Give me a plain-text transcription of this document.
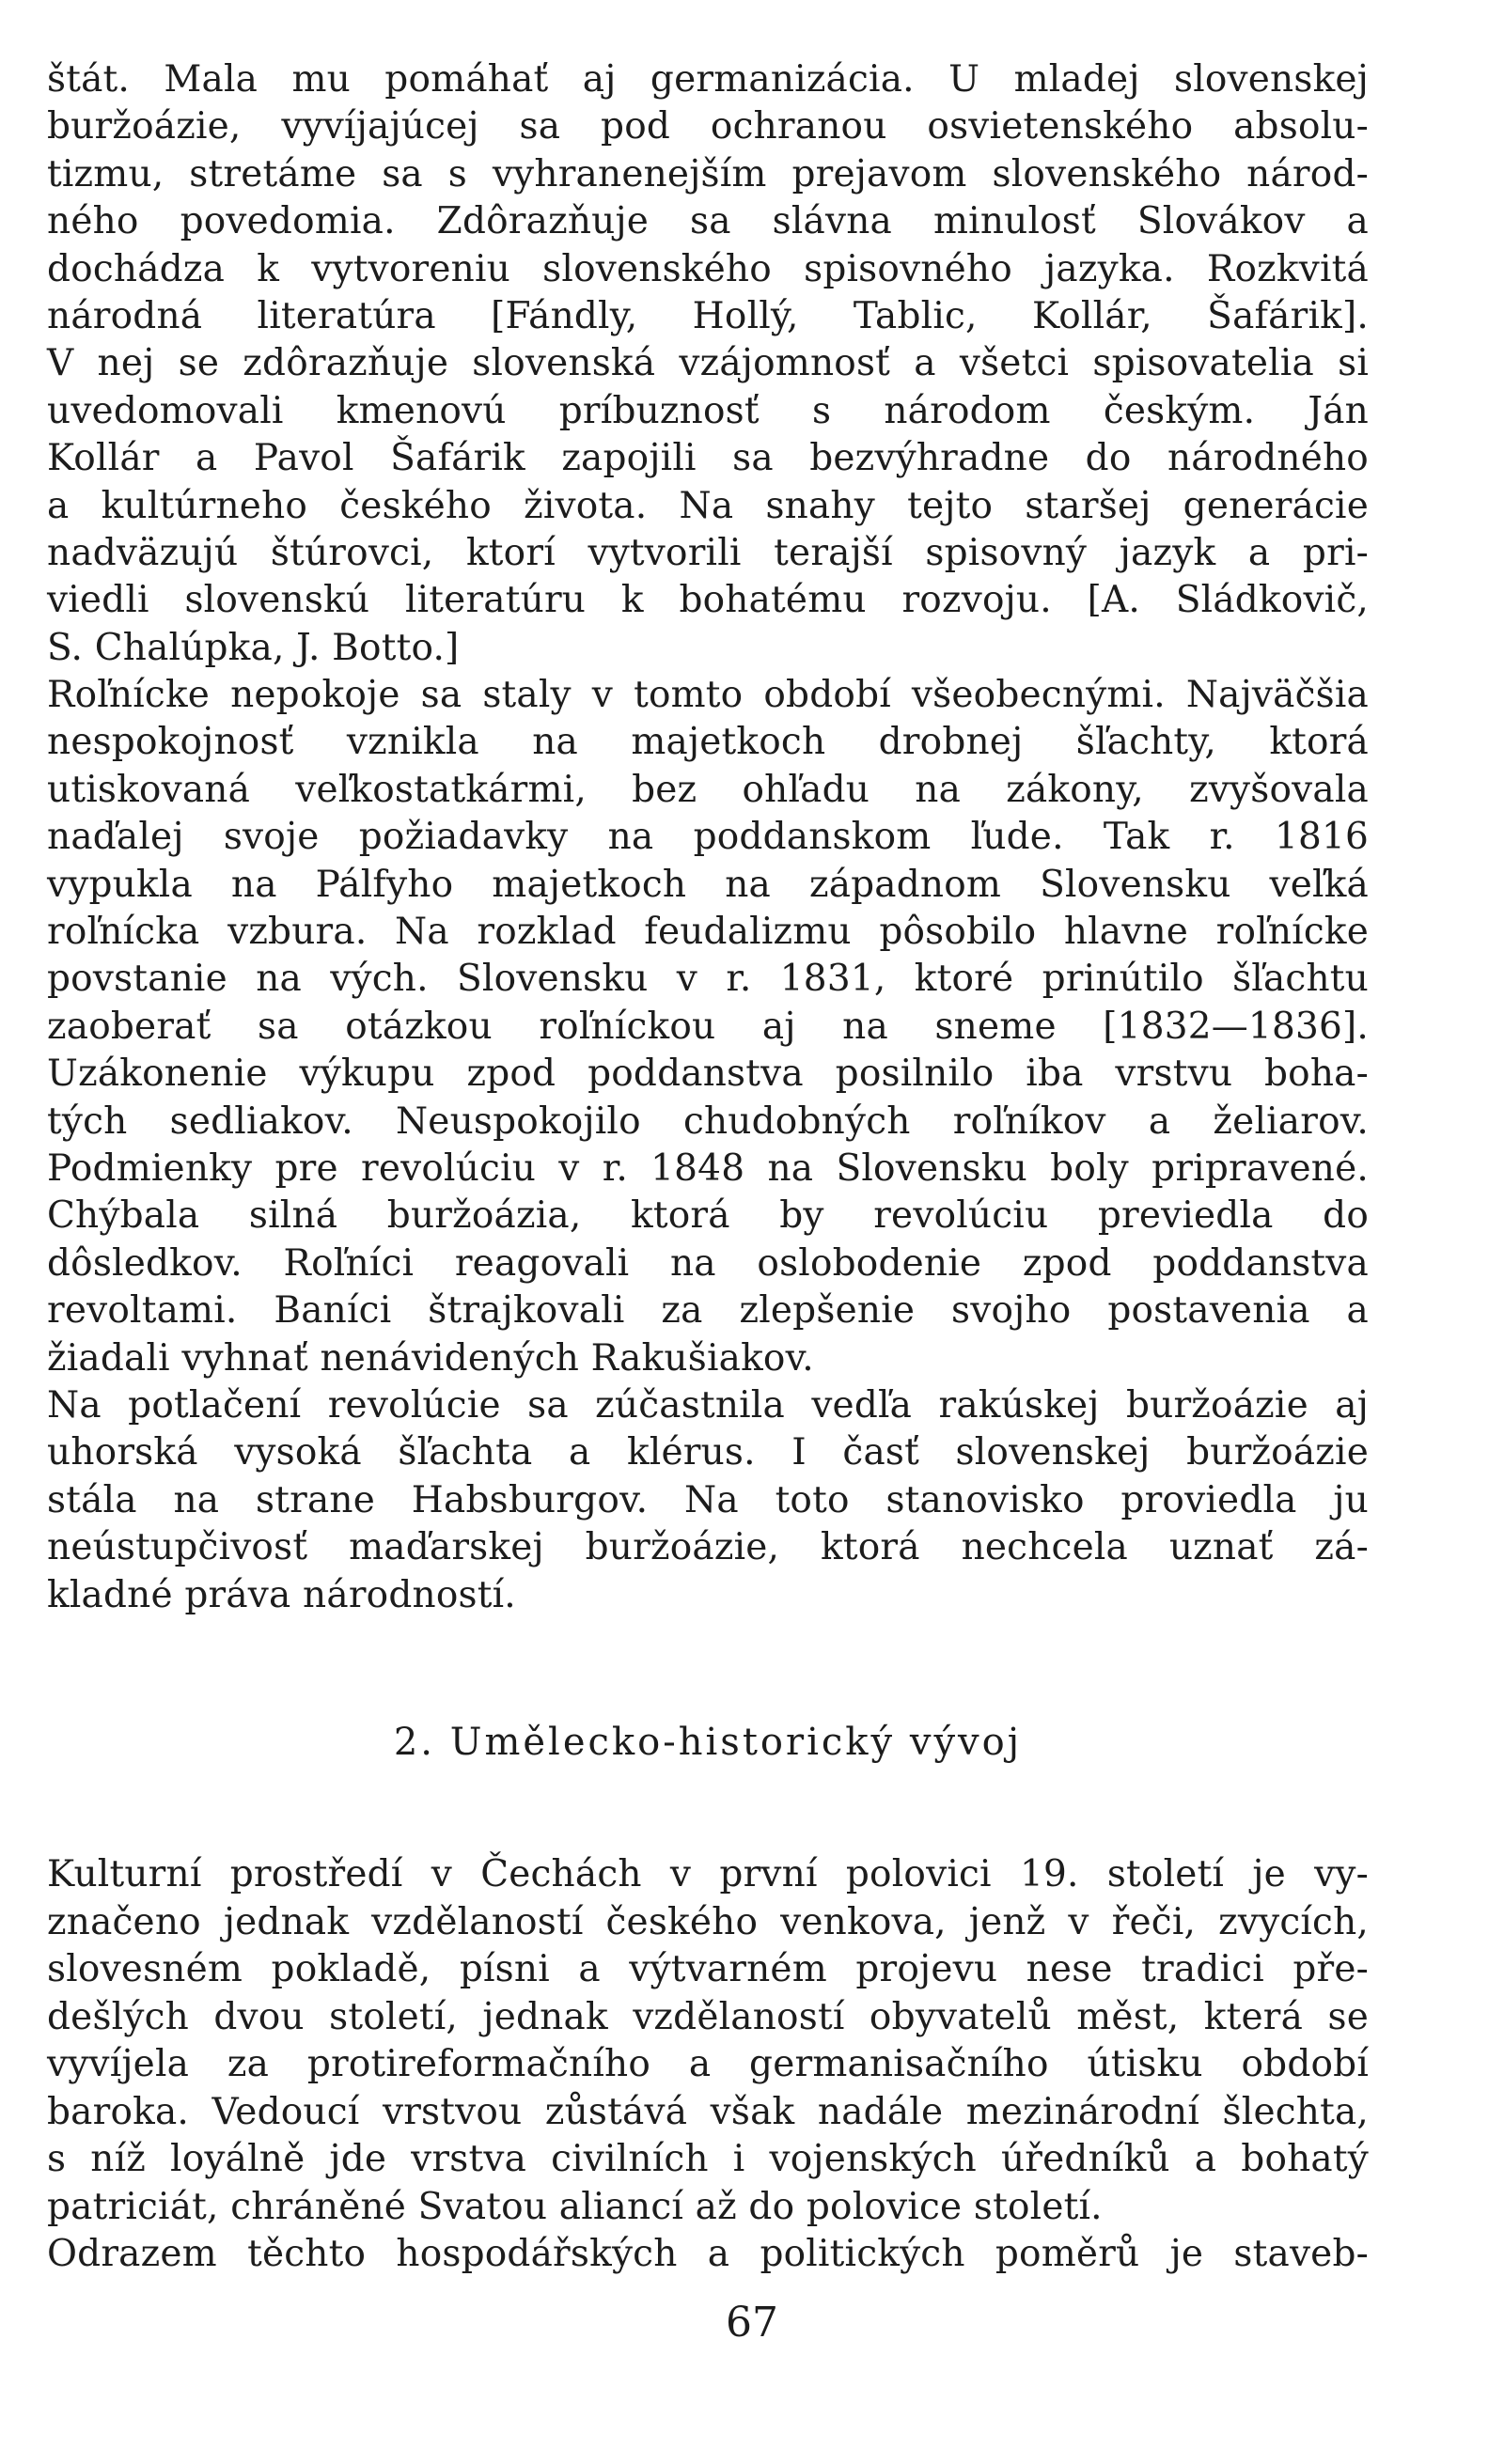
štát. Mala mu pomáhať aj germanizácia. U mladej slovenskej
buržoázie, vyvíjajúcej sa pod ochranou osvietenského absolu-
tizmu, stretáme sa s vyhranenejším prejavom slovenského národ-
ného povedomia. Zdôrazňuje sa slávna minulosť Slovákov a
dochádza k vytvoreniu slovenského spisovného jazyka. Rozkvitá
národná literatúra [Fándly, Hollý, Tablic, Kollár, Šafárik].
V nej se zdôrazňuje slovenská vzájomnosť a všetci spisovatelia si
uvedomovali kmenovú príbuznosť s národom českým. Ján
Kollár a Pavol Šafárik zapojili sa bezvýhradne do národného
a kultúrneho českého života. Na snahy tejto staršej generácie
nadväzujú štúrovci, ktorí vytvorili terajší spisovný jazyk a pri-
viedli slovenskú literatúru k bohatému rozvoju. [A. Sládkovič,
S. Chalúpka, J. Botto.]
Roľnícke nepokoje sa staly v tomto období všeobecnými. Najväčšia
nespokojnosť vznikla na majetkoch drobnej šľachty, ktorá
utiskovaná veľkostatkármi, bez ohľadu na zákony, zvyšovala
naďalej svoje požiadavky na poddanskom ľude. Tak r. 1816
vypukla na Pálfyho majetkoch na západnom Slovensku veľká
roľnícka vzbura. Na rozklad feudalizmu pôsobilo hlavne roľnícke
povstanie na vých. Slovensku v r. 1831, ktoré prinútilo šľachtu
zaoberať sa otázkou roľníckou aj na sneme [1832—1836].
Uzákonenie výkupu zpod poddanstva posilnilo iba vrstvu boha-
tých sedliakov. Neuspokojilo chudobných roľníkov a želiarov.
Podmienky pre revolúciu v r. 1848 na Slovensku boly pripravené.
Chýbala silná buržoázia, ktorá by revolúciu previedla do
dôsledkov. Roľníci reagovali na oslobodenie zpod poddanstva
revoltami. Baníci štrajkovali za zlepšenie svojho postavenia a
žiadali vyhnať nenávidených Rakušiakov.
Na potlačení revolúcie sa zúčastnila vedľa rakúskej buržoázie aj
uhorská vysoká šľachta a klérus. I časť slovenskej buržoázie
stála na strane Habsburgov. Na toto stanovisko proviedla ju
neústupčivosť maďarskej buržoázie, ktorá nechcela uznať zá-
kladné práva národností.
2. Umělecko-historický vývoj
Kulturní prostředí v Čechách v první polovici 19. století je vy-
značeno jednak vzdělaností českého venkova, jenž v řeči, zvycích,
slovesném pokladě, písni a výtvarném projevu nese tradici pře-
dešlých dvou století, jednak vzdělaností obyvatelů měst, která se
vyvíjela za protireformačního a germanisačního útisku období
baroka. Vedoucí vrstvou zůstává však nadále mezinárodní šlechta,
s níž loyálně jde vrstva civilních i vojenských úředníků a bohatý
patriciát, chráněné Svatou aliancí až do polovice století.
Odrazem těchto hospodářských a politických poměrů je staveb-
67
